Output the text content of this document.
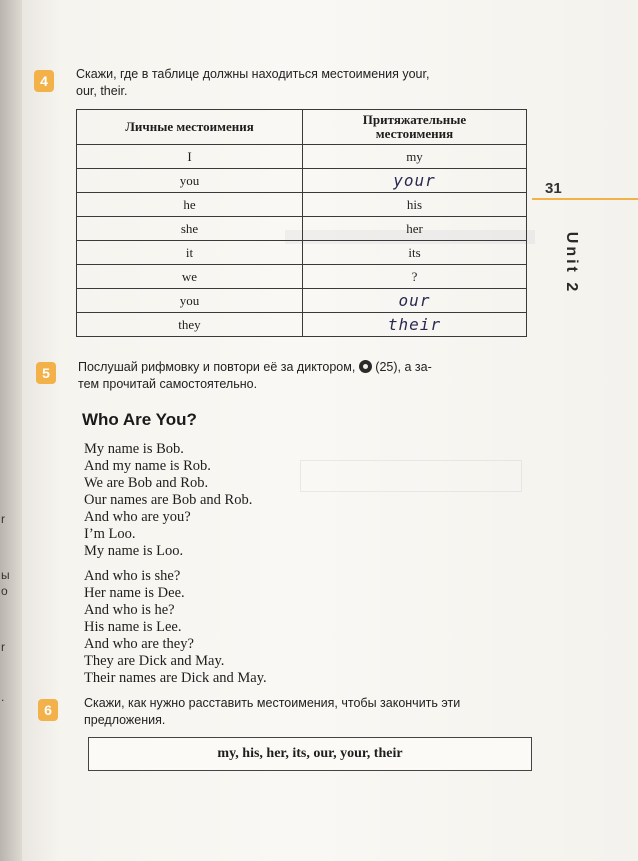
r
ы
о
r
.
4	Скажи, где в таблице должны находиться местоимения your,
our, their.
Личные местоимения	Притяжательные
местоимения

I	my
you	your
he	his
she	her
it	its
we	?
you	our
they	their
31
Unit 2
5	Послушай рифмовку и повтори её за диктором, (25), а за-
тем прочитай самостоятельно.
Who Are You?
My name is Bob.
And my name is Rob.
We are Bob and Rob.
Our names are Bob and Rob.
And who are you?
I’m Loo.
My name is Loo.
And who is she?
Her name is Dee.
And who is he?
His name is Lee.
And who are they?
They are Dick and May.
Their names are Dick and May.
6	Скажи, как нужно расставить местоимения, чтобы закончить эти
предложения.
my, his, her, its, our, your, their
